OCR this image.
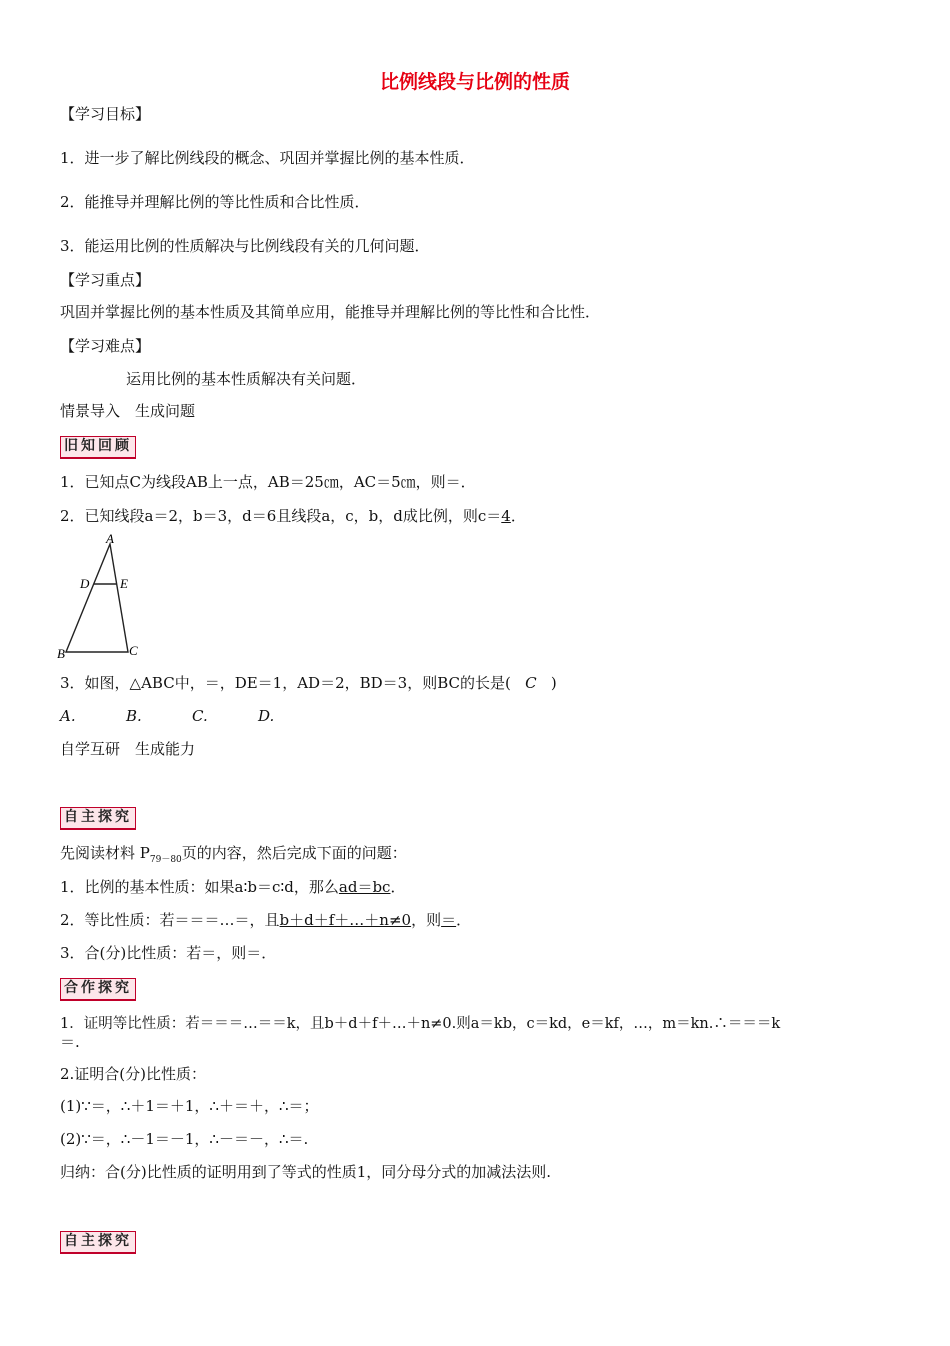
比例线段与比例的性质
【学习目标】
1．进一步了解比例线段的概念、巩固并掌握比例的基本性质．
2．能推导并理解比例的等比性质和合比性质．
3．能运用比例的性质解决与比例线段有关的几何问题．
【学习重点】
巩固并掌握比例的基本性质及其简单应用，能推导并理解比例的等比性和合比性．
【学习难点】
运用比例的基本性质解决有关问题．
情景导入　生成问题
旧知回顾
1．已知点C为线段AB上一点，AB＝25㎝，AC＝5㎝，则＝．
2．已知线段a＝2，b＝3，d＝6且线段a，c，b，d成比例，则c＝4．
A
D E
B	C
3．如图，△ABC中，＝，DE＝1，AD＝2，BD＝3，则BC的长是( C )
A.	B.	C.	D.
自学互研　生成能力
自主探究
先阅读材料 $P_{79-80}$页的内容，然后完成下面的问题：
1．比例的基本性质：如果a∶b＝c∶d，那么ad＝bc．
2．等比性质：若＝＝＝…＝，且b＋d＋f＋…＋n≠0，则＝．
3．合(分)比性质：若＝，则＝．
合作探究
1．证明等比性质：若＝＝＝…＝＝k，且b＋d＋f＋…＋n≠0.则a＝kb，c＝kd，e＝kf，…，m＝kn.∴＝＝＝k
＝.
2.证明合(分)比性质：
(1)∵＝，∴＋1＝＋1，∴＋＝＋，∴＝；
(2)∵＝，∴－1＝－1，∴－＝－，∴＝.
归纳：合(分)比性质的证明用到了等式的性质1，同分母分式的加减法法则.
自主探究
